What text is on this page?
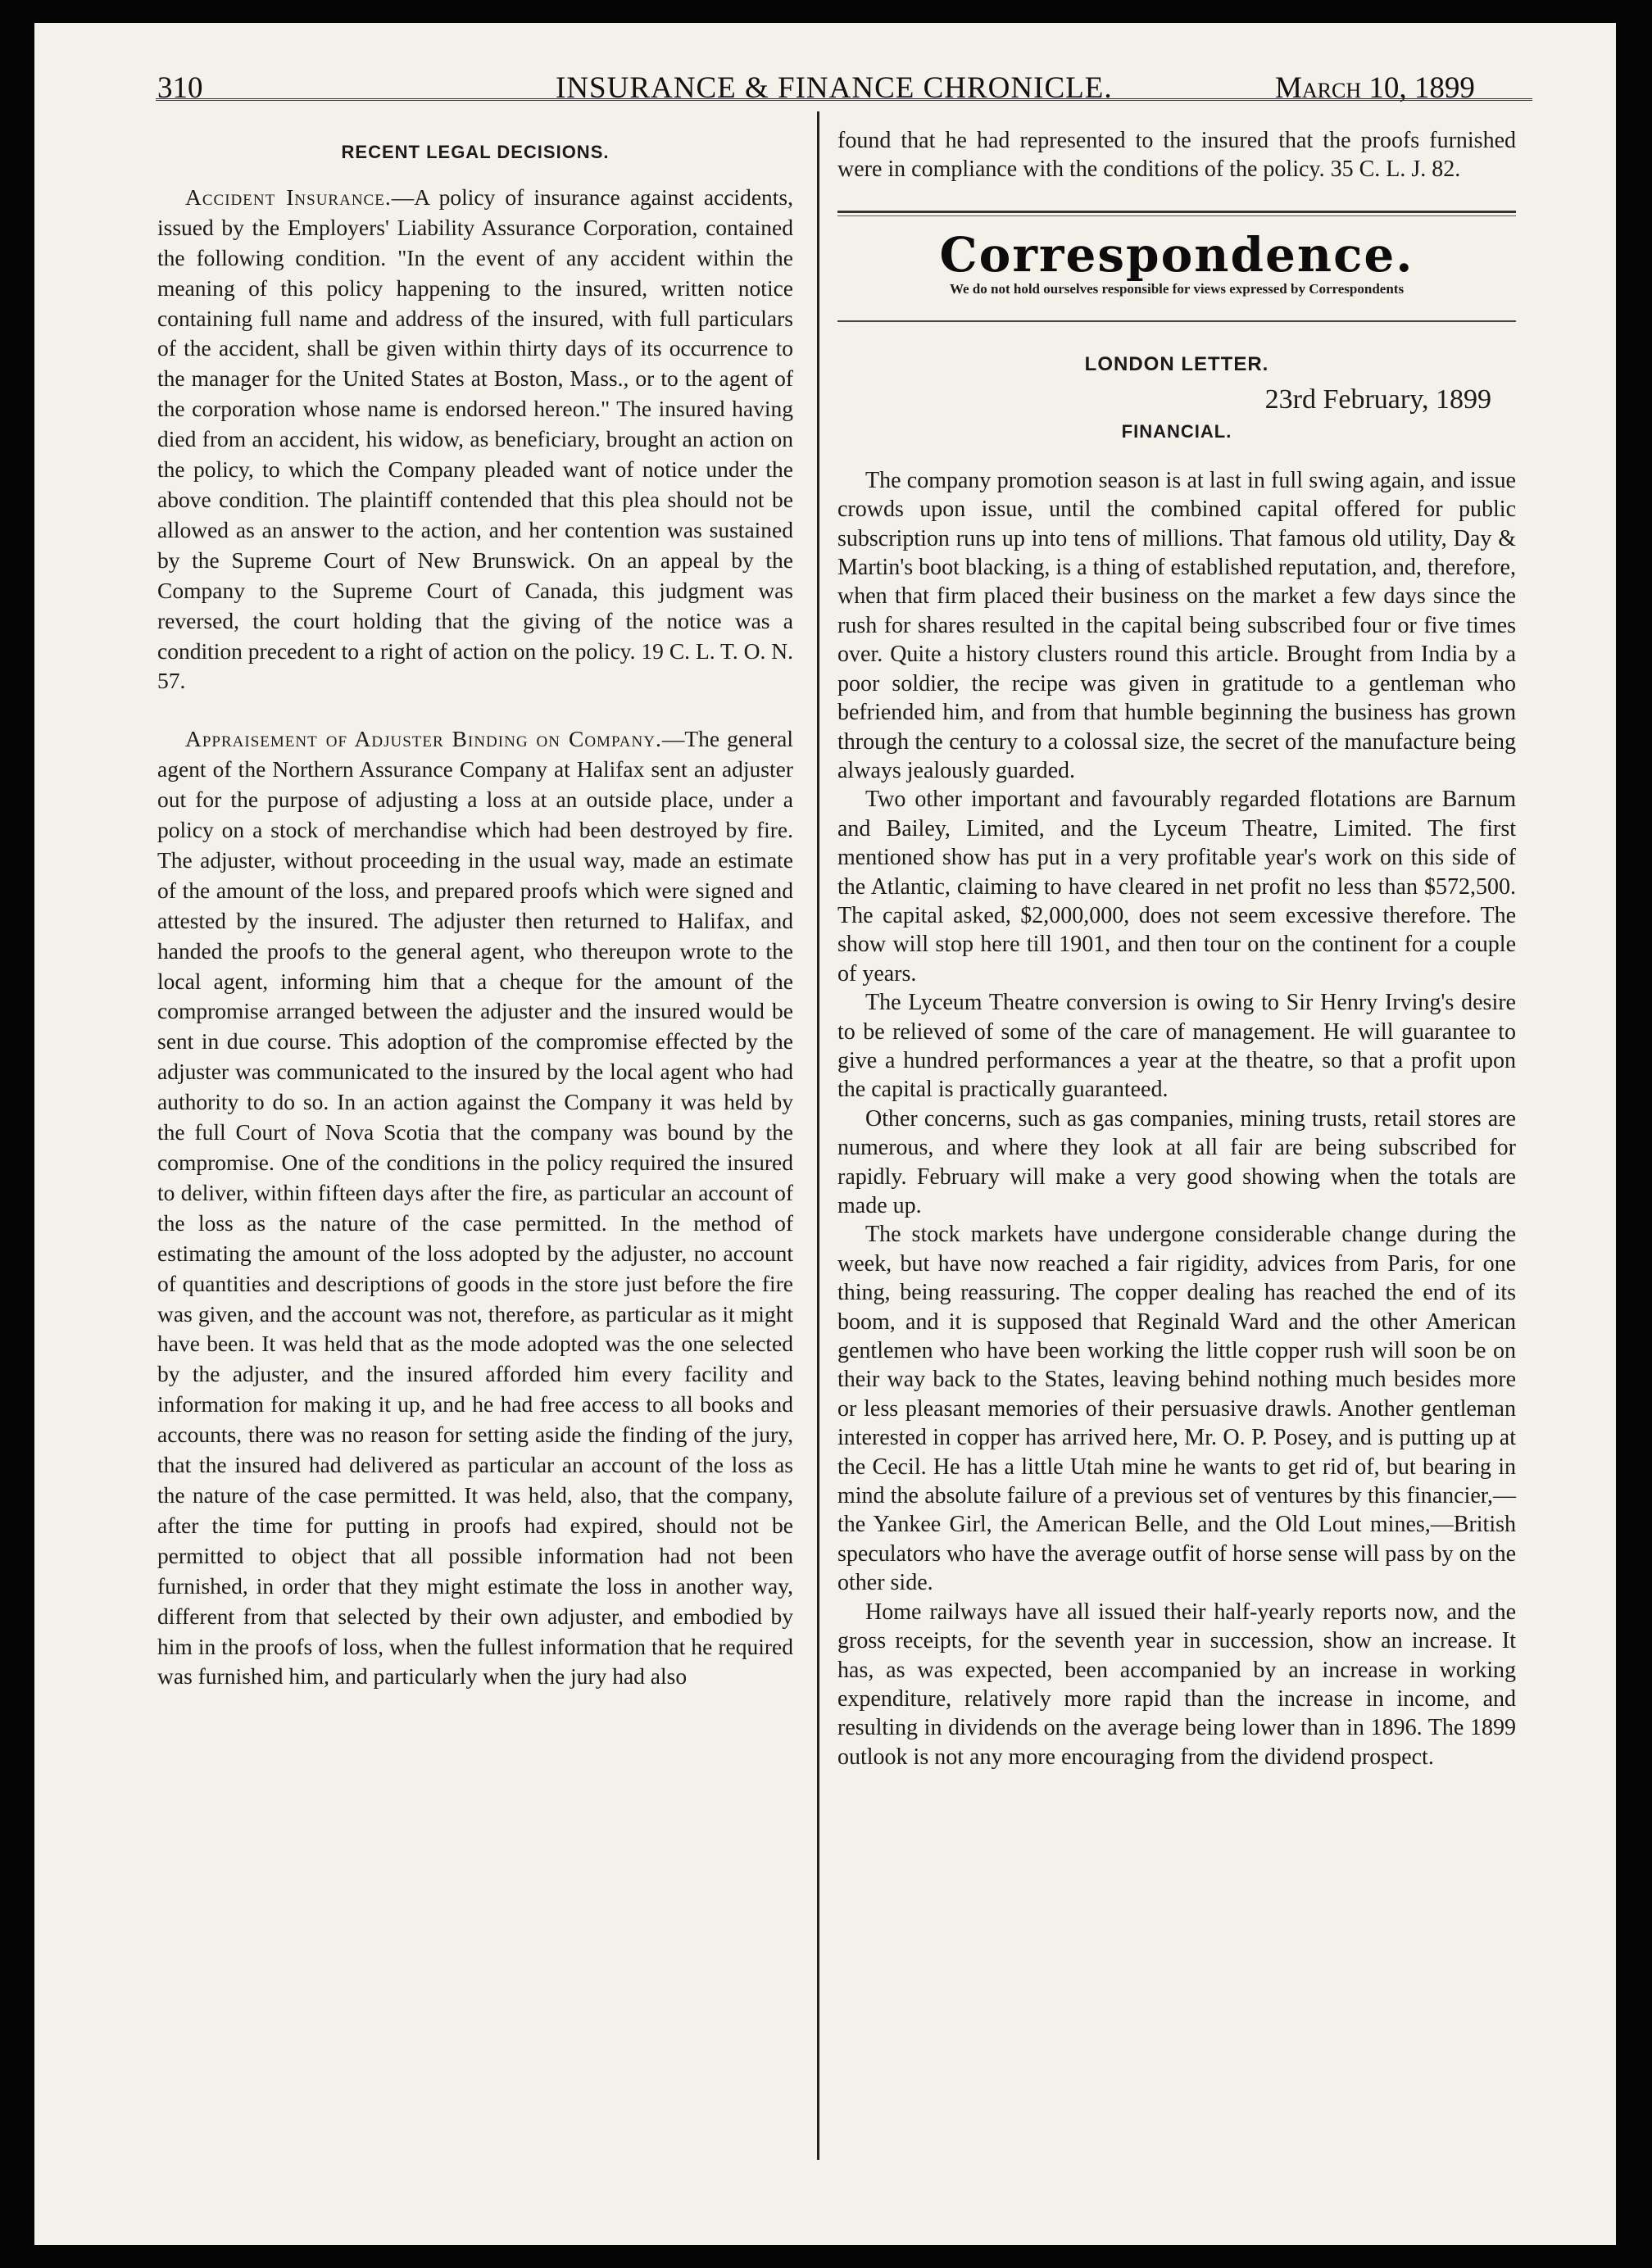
310	INSURANCE & FINANCE CHRONICLE.	March 10, 1899
RECENT LEGAL DECISIONS.

Accident Insurance.—A policy of insurance against accidents, issued by the Employers' Liability Assurance Corporation, contained the following condition. "In the event of any accident within the meaning of this policy happening to the insured, written notice containing full name and address of the insured, with full particulars of the accident, shall be given within thirty days of its occurrence to the manager for the United States at Boston, Mass., or to the agent of the corporation whose name is endorsed hereon." The insured having died from an accident, his widow, as beneficiary, brought an action on the policy, to which the Company pleaded want of notice under the above condition. The plaintiff contended that this plea should not be allowed as an answer to the action, and her contention was sustained by the Supreme Court of New Brunswick. On an appeal by the Company to the Supreme Court of Canada, this judgment was reversed, the court holding that the giving of the notice was a condition precedent to a right of action on the policy. 19 C. L. T. O. N. 57.

Appraisement of Adjuster Binding on Company.—The general agent of the Northern Assurance Company at Halifax sent an adjuster out for the purpose of adjusting a loss at an outside place, under a policy on a stock of merchandise which had been destroyed by fire. The adjuster, without proceeding in the usual way, made an estimate of the amount of the loss, and prepared proofs which were signed and attested by the insured. The adjuster then returned to Halifax, and handed the proofs to the general agent, who thereupon wrote to the local agent, informing him that a cheque for the amount of the compromise arranged between the adjuster and the insured would be sent in due course. This adoption of the compromise effected by the adjuster was communicated to the insured by the local agent who had authority to do so. In an action against the Company it was held by the full Court of Nova Scotia that the company was bound by the compromise. One of the conditions in the policy required the insured to deliver, within fifteen days after the fire, as particular an account of the loss as the nature of the case permitted. In the method of estimating the amount of the loss adopted by the adjuster, no account of quantities and descriptions of goods in the store just before the fire was given, and the account was not, therefore, as particular as it might have been. It was held that as the mode adopted was the one selected by the adjuster, and the insured afforded him every facility and information for making it up, and he had free access to all books and accounts, there was no reason for setting aside the finding of the jury, that the insured had delivered as particular an account of the loss as the nature of the case permitted. It was held, also, that the company, after the time for putting in proofs had expired, should not be permitted to object that all possible information had not been furnished, in order that they might estimate the loss in another way, different from that selected by their own adjuster, and embodied by him in the proofs of loss, when the fullest information that he required was furnished him, and particularly when the jury had also

found that he had represented to the insured that the proofs furnished were in compliance with the conditions of the policy. 35 C. L. J. 82.

Correspondence.
We do not hold ourselves responsible for views expressed by Correspondents
LONDON LETTER.
23rd February, 1899
FINANCIAL.

The company promotion season is at last in full swing again, and issue crowds upon issue, until the combined capital offered for public subscription runs up into tens of millions. That famous old utility, Day & Martin's boot blacking, is a thing of established reputation, and, therefore, when that firm placed their business on the market a few days since the rush for shares resulted in the capital being subscribed four or five times over. Quite a history clusters round this article. Brought from India by a poor soldier, the recipe was given in gratitude to a gentleman who befriended him, and from that humble beginning the business has grown through the century to a colossal size, the secret of the manufacture being always jealously guarded.

Two other important and favourably regarded flotations are Barnum and Bailey, Limited, and the Lyceum Theatre, Limited. The first mentioned show has put in a very profitable year's work on this side of the Atlantic, claiming to have cleared in net profit no less than $572,500. The capital asked, $2,000,000, does not seem excessive therefore. The show will stop here till 1901, and then tour on the continent for a couple of years.

The Lyceum Theatre conversion is owing to Sir Henry Irving's desire to be relieved of some of the care of management. He will guarantee to give a hundred performances a year at the theatre, so that a profit upon the capital is practically guaranteed.

Other concerns, such as gas companies, mining trusts, retail stores are numerous, and where they look at all fair are being subscribed for rapidly. February will make a very good showing when the totals are made up.

The stock markets have undergone considerable change during the week, but have now reached a fair rigidity, advices from Paris, for one thing, being reassuring. The copper dealing has reached the end of its boom, and it is supposed that Reginald Ward and the other American gentlemen who have been working the little copper rush will soon be on their way back to the States, leaving behind nothing much besides more or less pleasant memories of their persuasive drawls. Another gentleman interested in copper has arrived here, Mr. O. P. Posey, and is putting up at the Cecil. He has a little Utah mine he wants to get rid of, but bearing in mind the absolute failure of a previous set of ventures by this financier,—the Yankee Girl, the American Belle, and the Old Lout mines,—British speculators who have the average outfit of horse sense will pass by on the other side.

Home railways have all issued their half-yearly reports now, and the gross receipts, for the seventh year in succession, show an increase. It has, as was expected, been accompanied by an increase in working expenditure, relatively more rapid than the increase in income, and resulting in dividends on the average being lower than in 1896. The 1899 outlook is not any more encouraging from the dividend prospect.
